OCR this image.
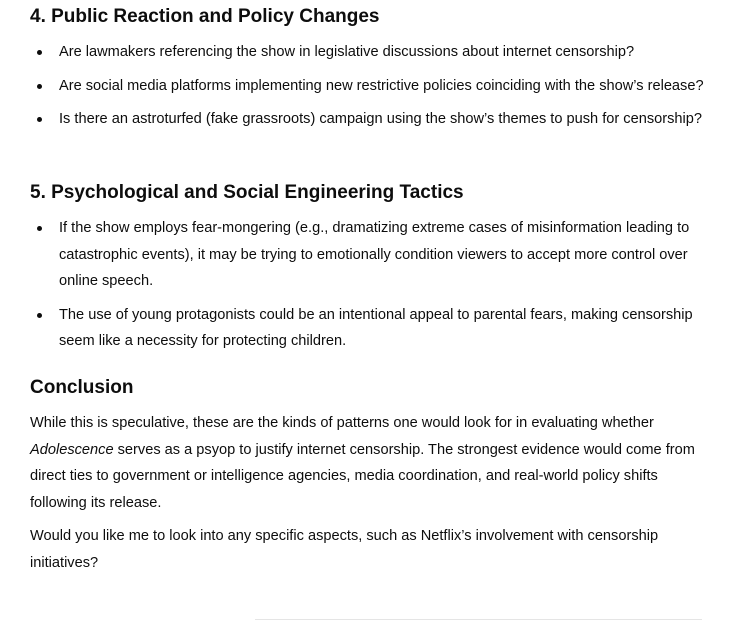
4. Public Reaction and Policy Changes
Are lawmakers referencing the show in legislative discussions about internet censorship?
Are social media platforms implementing new restrictive policies coinciding with the show’s release?
Is there an astroturfed (fake grassroots) campaign using the show’s themes to push for censorship?
5. Psychological and Social Engineering Tactics
If the show employs fear-mongering (e.g., dramatizing extreme cases of misinformation leading to catastrophic events), it may be trying to emotionally condition viewers to accept more control over online speech.
The use of young protagonists could be an intentional appeal to parental fears, making censorship seem like a necessity for protecting children.
Conclusion

While this is speculative, these are the kinds of patterns one would look for in evaluating whether Adolescence serves as a psyop to justify internet censorship. The strongest evidence would come from direct ties to government or intelligence agencies, media coordination, and real-world policy shifts following its release.

Would you like me to look into any specific aspects, such as Netflix’s involvement with censorship initiatives?
